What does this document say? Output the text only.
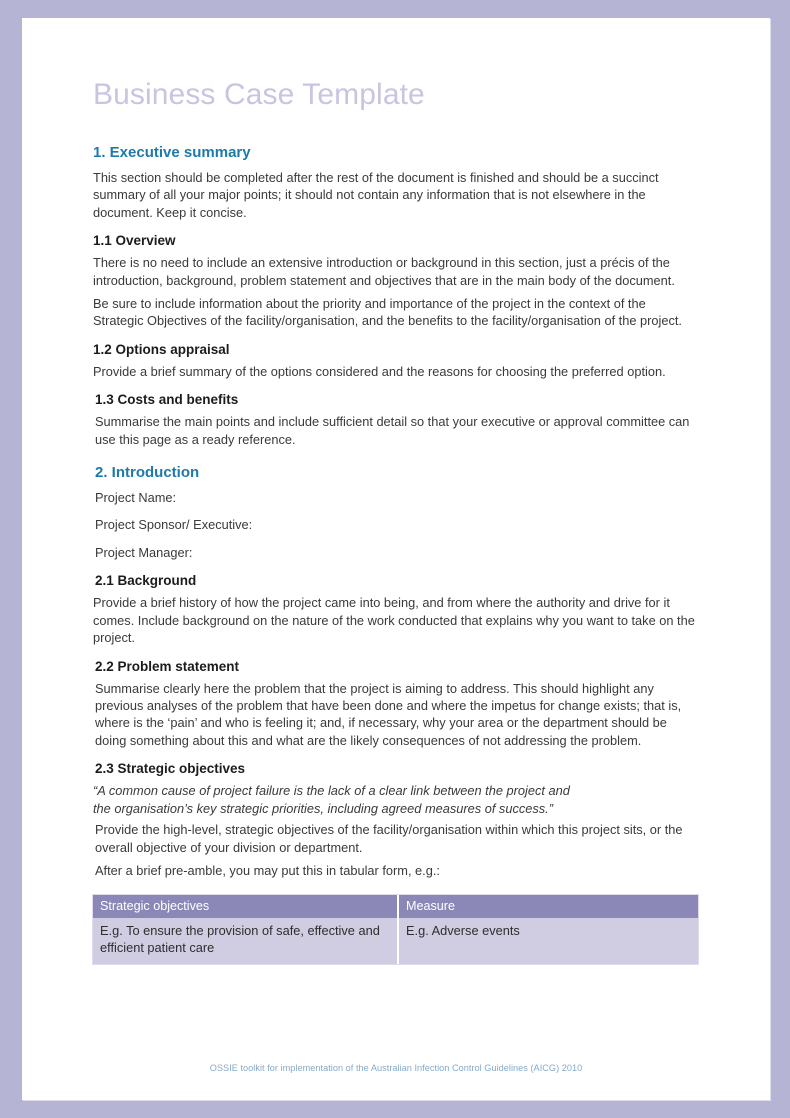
Business Case Template
1. Executive summary

This section should be completed after the rest of the document is finished and should be a succinct summary of all your major points; it should not contain any information that is not elsewhere in the document. Keep it concise.

1.1 Overview

There is no need to include an extensive introduction or background in this section, just a précis of the introduction, background, problem statement and objectives that are in the main body of the document.

Be sure to include information about the priority and importance of the project in the context of the Strategic Objectives of the facility/organisation, and the benefits to the facility/organisation of the project.

1.2 Options appraisal

Provide a brief summary of the options considered and the reasons for choosing the preferred option.

1.3 Costs and benefits

Summarise the main points and include sufficient detail so that your executive or approval committee can use this page as a ready reference.

2. Introduction

Project Name:

Project Sponsor/ Executive:

Project Manager:

2.1 Background

Provide a brief history of how the project came into being, and from where the authority and drive for it comes. Include background on the nature of the work conducted that explains why you want to take on the project.

2.2 Problem statement

Summarise clearly here the problem that the project is aiming to address. This should highlight any previous analyses of the problem that have been done and where the impetus for change exists; that is, where is the ‘pain’ and who is feeling it; and, if necessary, why your area or the department should be doing something about this and what are the likely consequences of not addressing the problem.

2.3 Strategic objectives

“A common cause of project failure is the lack of a clear link between the project and

the organisation’s key strategic priorities, including agreed measures of success.”

Provide the high-level, strategic objectives of the facility/organisation within which this project sits, or the overall objective of your division or department.

After a brief pre-amble, you may put this in tabular form, e.g.:

Strategic objectives	Measure
E.g. To ensure the provision of safe, effective and efficient patient care	E.g. Adverse events
OSSIE toolkit for implementation of the Australian Infection Control Guidelines (AICG) 2010
